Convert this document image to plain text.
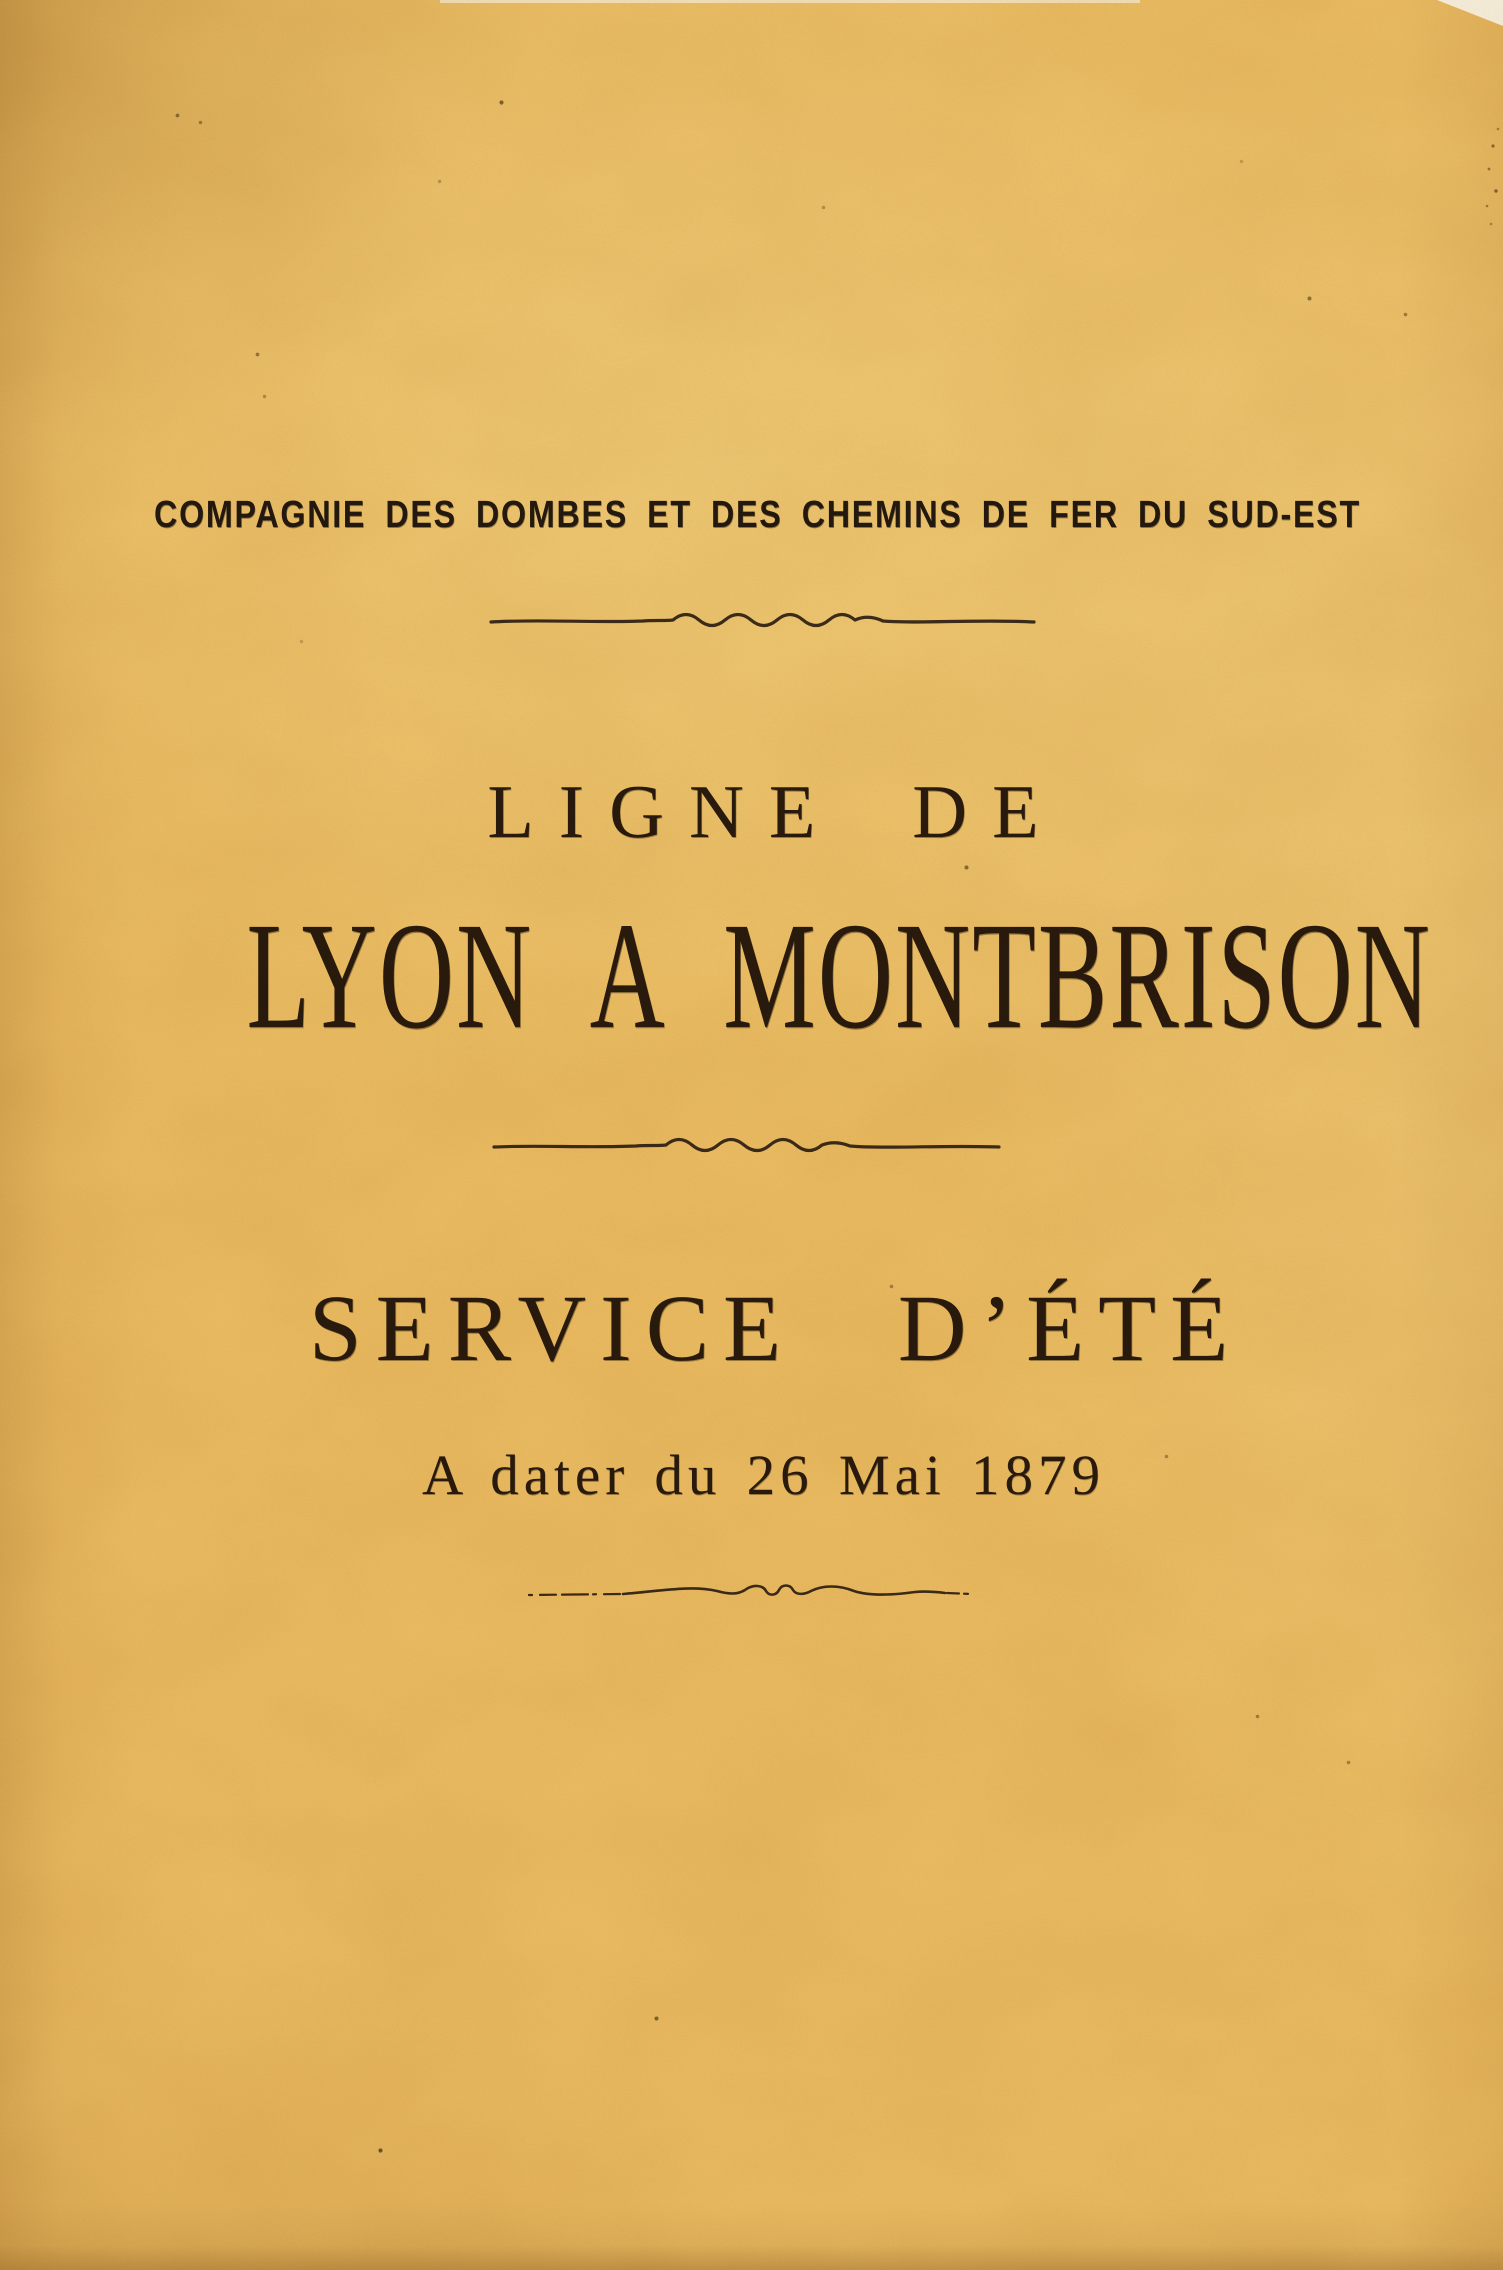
COMPAGNIE DES DOMBES ET DES CHEMINS DE FER DU SUD-EST
LIGNE DE
LYON A MONTBRISON
SERVICE D’ÉTÉ
A dater du 26 Mai 1879
